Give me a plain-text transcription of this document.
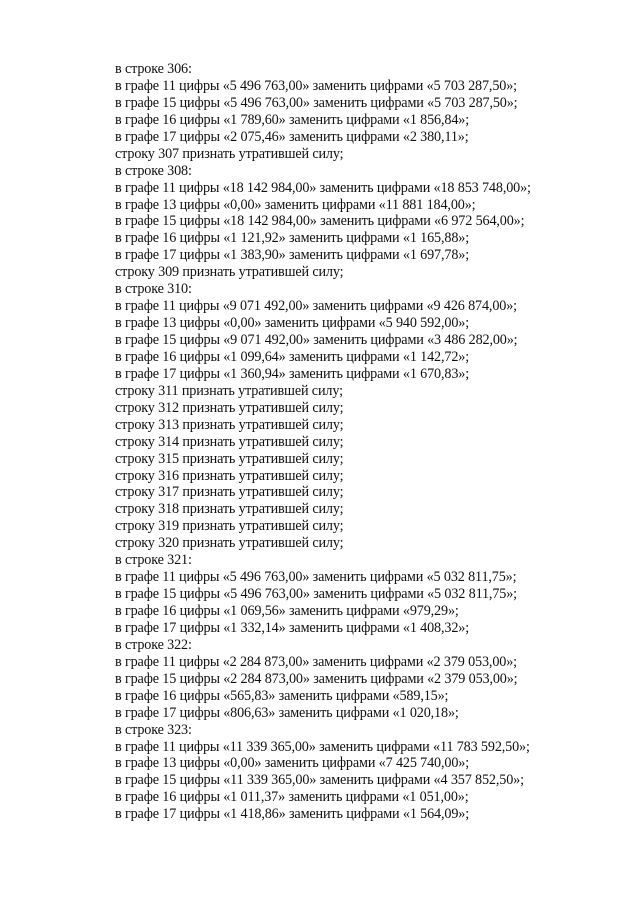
в строке 306:
в графе 11 цифры «5 496 763,00» заменить цифрами «5 703 287,50»;
в графе 15 цифры «5 496 763,00» заменить цифрами «5 703 287,50»;
в графе 16 цифры «1 789,60» заменить цифрами «1 856,84»;
в графе 17 цифры «2 075,46» заменить цифрами «2 380,11»;
строку 307 признать утратившей силу;
в строке 308:
в графе 11 цифры «18 142 984,00» заменить цифрами «18 853 748,00»;
в графе 13 цифры «0,00» заменить цифрами «11 881 184,00»;
в графе 15 цифры «18 142 984,00» заменить цифрами «6 972 564,00»;
в графе 16 цифры «1 121,92» заменить цифрами «1 165,88»;
в графе 17 цифры «1 383,90» заменить цифрами «1 697,78»;
строку 309 признать утратившей силу;
в строке 310:
в графе 11 цифры «9 071 492,00» заменить цифрами «9 426 874,00»;
в графе 13 цифры «0,00» заменить цифрами «5 940 592,00»;
в графе 15 цифры «9 071 492,00» заменить цифрами «3 486 282,00»;
в графе 16 цифры «1 099,64» заменить цифрами «1 142,72»;
в графе 17 цифры «1 360,94» заменить цифрами «1 670,83»;
строку 311 признать утратившей силу;
строку 312 признать утратившей силу;
строку 313 признать утратившей силу;
строку 314 признать утратившей силу;
строку 315 признать утратившей силу;
строку 316 признать утратившей силу;
строку 317 признать утратившей силу;
строку 318 признать утратившей силу;
строку 319 признать утратившей силу;
строку 320 признать утратившей силу;
в строке 321:
в графе 11 цифры «5 496 763,00» заменить цифрами «5 032 811,75»;
в графе 15 цифры «5 496 763,00» заменить цифрами «5 032 811,75»;
в графе 16 цифры «1 069,56» заменить цифрами «979,29»;
в графе 17 цифры «1 332,14» заменить цифрами «1 408,32»;
в строке 322:
в графе 11 цифры «2 284 873,00» заменить цифрами «2 379 053,00»;
в графе 15 цифры «2 284 873,00» заменить цифрами «2 379 053,00»;
в графе 16 цифры «565,83» заменить цифрами «589,15»;
в графе 17 цифры «806,63» заменить цифрами «1 020,18»;
в строке 323:
в графе 11 цифры «11 339 365,00» заменить цифрами «11 783 592,50»;
в графе 13 цифры «0,00» заменить цифрами «7 425 740,00»;
в графе 15 цифры «11 339 365,00» заменить цифрами «4 357 852,50»;
в графе 16 цифры «1 011,37» заменить цифрами «1 051,00»;
в графе 17 цифры «1 418,86» заменить цифрами «1 564,09»;
